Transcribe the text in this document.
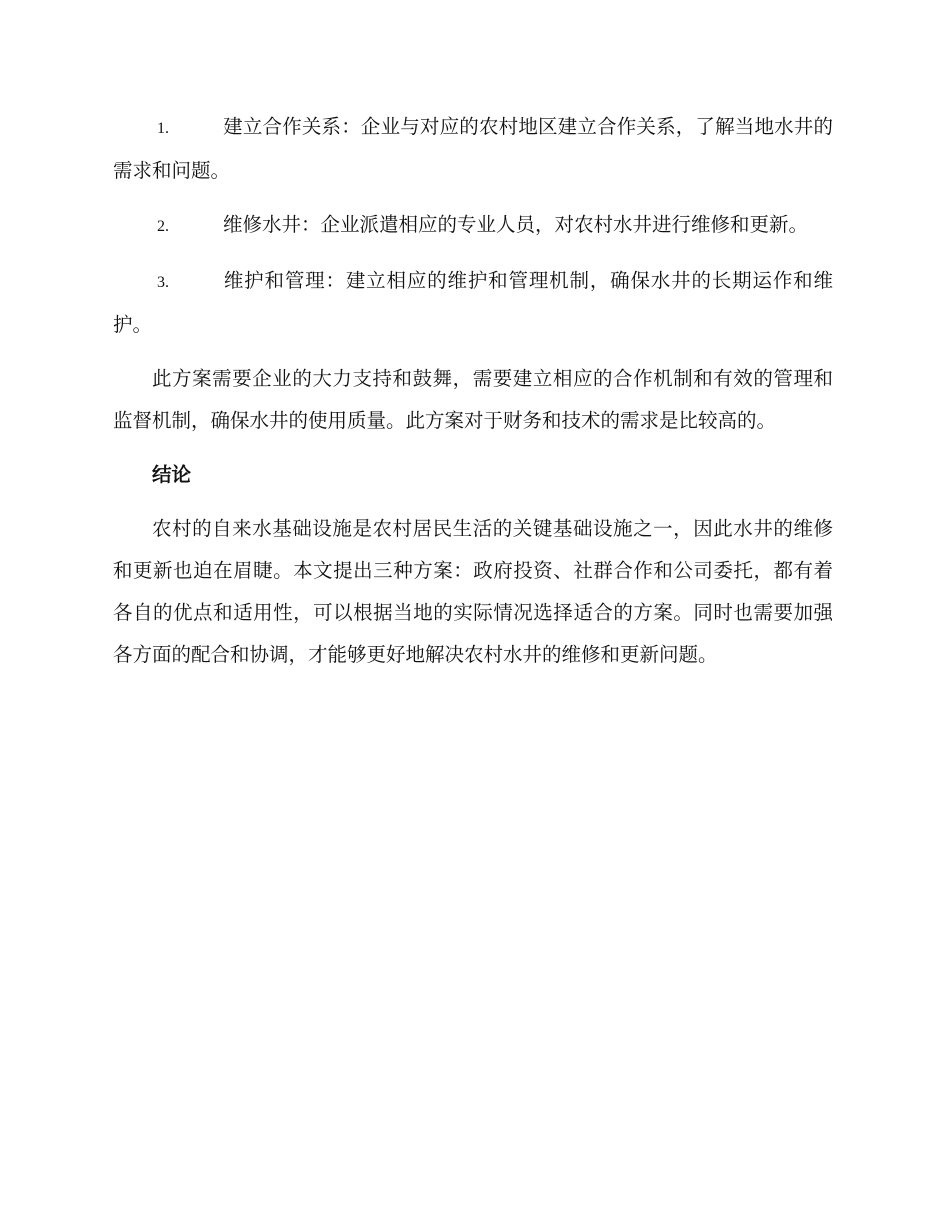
1.	建立合作关系：企业与对应的农村地区建立合作关系，了解当地水井的需求和问题。
2.	维修水井：企业派遣相应的专业人员，对农村水井进行维修和更新。
3.	维护和管理：建立相应的维护和管理机制，确保水井的长期运作和维护。

此方案需要企业的大力支持和鼓舞，需要建立相应的合作机制和有效的管理和监督机制，确保水井的使用质量。此方案对于财务和技术的需求是比较高的。

结论

农村的自来水基础设施是农村居民生活的关键基础设施之一，因此水井的维修和更新也迫在眉睫。本文提出三种方案：政府投资、社群合作和公司委托，都有着各自的优点和适用性，可以根据当地的实际情况选择适合的方案。同时也需要加强各方面的配合和协调，才能够更好地解决农村水井的维修和更新问题。
